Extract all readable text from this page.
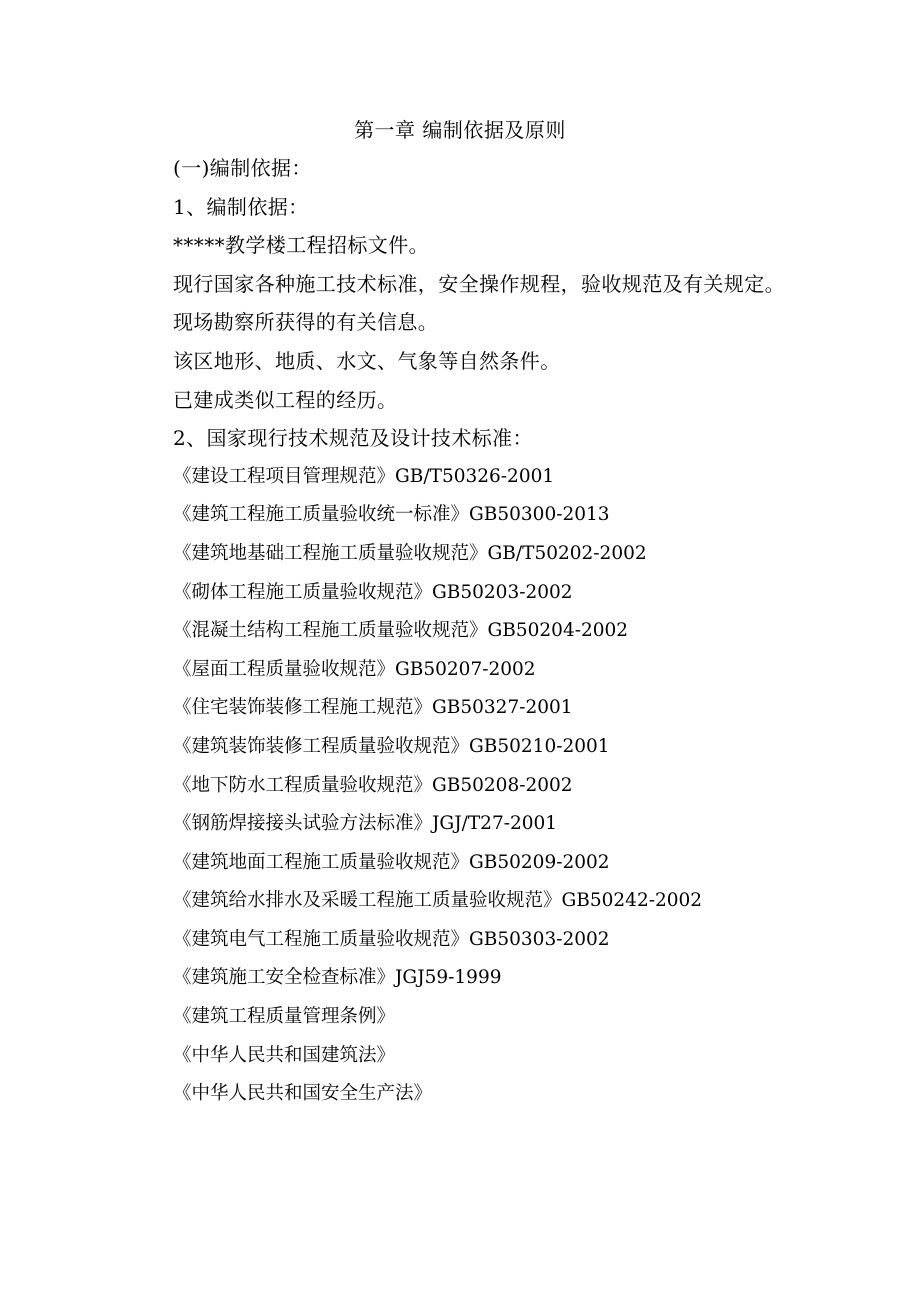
第一章 编制依据及原则
(一)编制依据：
1、编制依据：
*****教学楼工程招标文件。
现行国家各种施工技术标准，安全操作规程，验收规范及有关规定。
现场勘察所获得的有关信息。
该区地形、地质、水文、气象等自然条件。
已建成类似工程的经历。
2、国家现行技术规范及设计技术标准：
《建设工程项目管理规范》GB/T50326-2001
《建筑工程施工质量验收统一标准》GB50300-2013
《建筑地基础工程施工质量验收规范》GB/T50202-2002
《砌体工程施工质量验收规范》GB50203-2002
《混凝土结构工程施工质量验收规范》GB50204-2002
《屋面工程质量验收规范》GB50207-2002
《住宅装饰装修工程施工规范》GB50327-2001
《建筑装饰装修工程质量验收规范》GB50210-2001
《地下防水工程质量验收规范》GB50208-2002
《钢筋焊接接头试验方法标准》JGJ/T27-2001
《建筑地面工程施工质量验收规范》GB50209-2002
《建筑给水排水及采暖工程施工质量验收规范》GB50242-2002
《建筑电气工程施工质量验收规范》GB50303-2002
《建筑施工安全检查标准》JGJ59-1999
《建筑工程质量管理条例》
《中华人民共和国建筑法》
《中华人民共和国安全生产法》
